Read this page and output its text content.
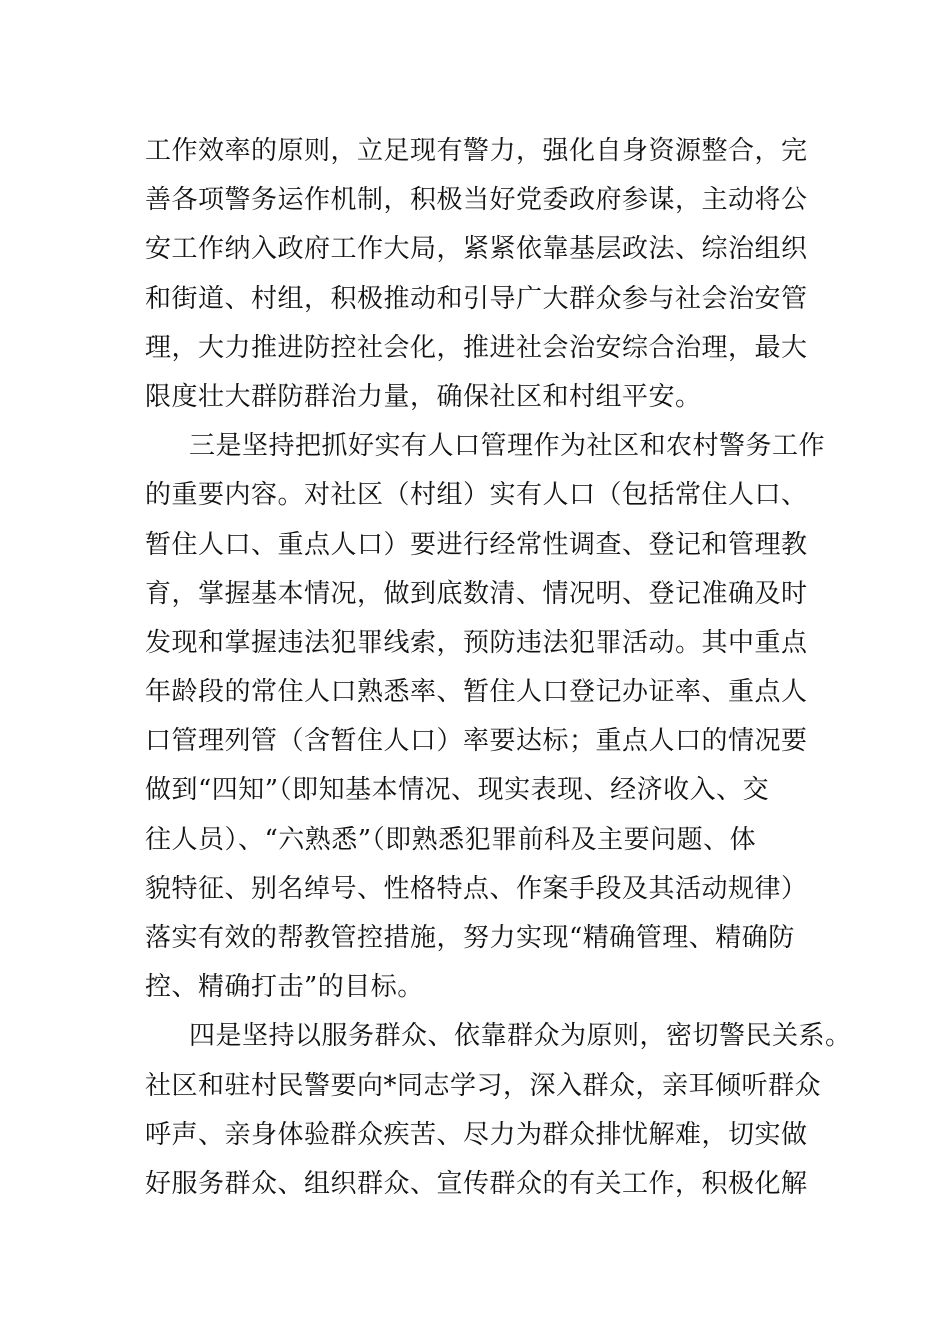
工作效率的原则，立足现有警力，强化自身资源整合，完
善各项警务运作机制，积极当好党委政府参谋，主动将公
安工作纳入政府工作大局，紧紧依靠基层政法、综治组织
和街道、村组，积极推动和引导广大群众参与社会治安管
理，大力推进防控社会化，推进社会治安综合治理，最大
限度壮大群防群治力量，确保社区和村组平安。
三是坚持把抓好实有人口管理作为社区和农村警务工作
的重要内容。对社区（村组）实有人口（包括常住人口、
暂住人口、重点人口）要进行经常性调查、登记和管理教
育，掌握基本情况，做到底数清、情况明、登记准确及时
发现和掌握违法犯罪线索，预防违法犯罪活动。其中重点
年龄段的常住人口熟悉率、暂住人口登记办证率、重点人
口管理列管（含暂住人口）率要达标；重点人口的情况要
做到“四知”（即知基本情况、现实表现、经济收入、交
往人员）、“六熟悉”（即熟悉犯罪前科及主要问题、体
貌特征、别名绰号、性格特点、作案手段及其活动规律）
落实有效的帮教管控措施，努力实现“精确管理、精确防
控、精确打击”的目标。
四是坚持以服务群众、依靠群众为原则，密切警民关系。
社区和驻村民警要向*同志学习，深入群众，亲耳倾听群众
呼声、亲身体验群众疾苦、尽力为群众排忧解难，切实做
好服务群众、组织群众、宣传群众的有关工作，积极化解
